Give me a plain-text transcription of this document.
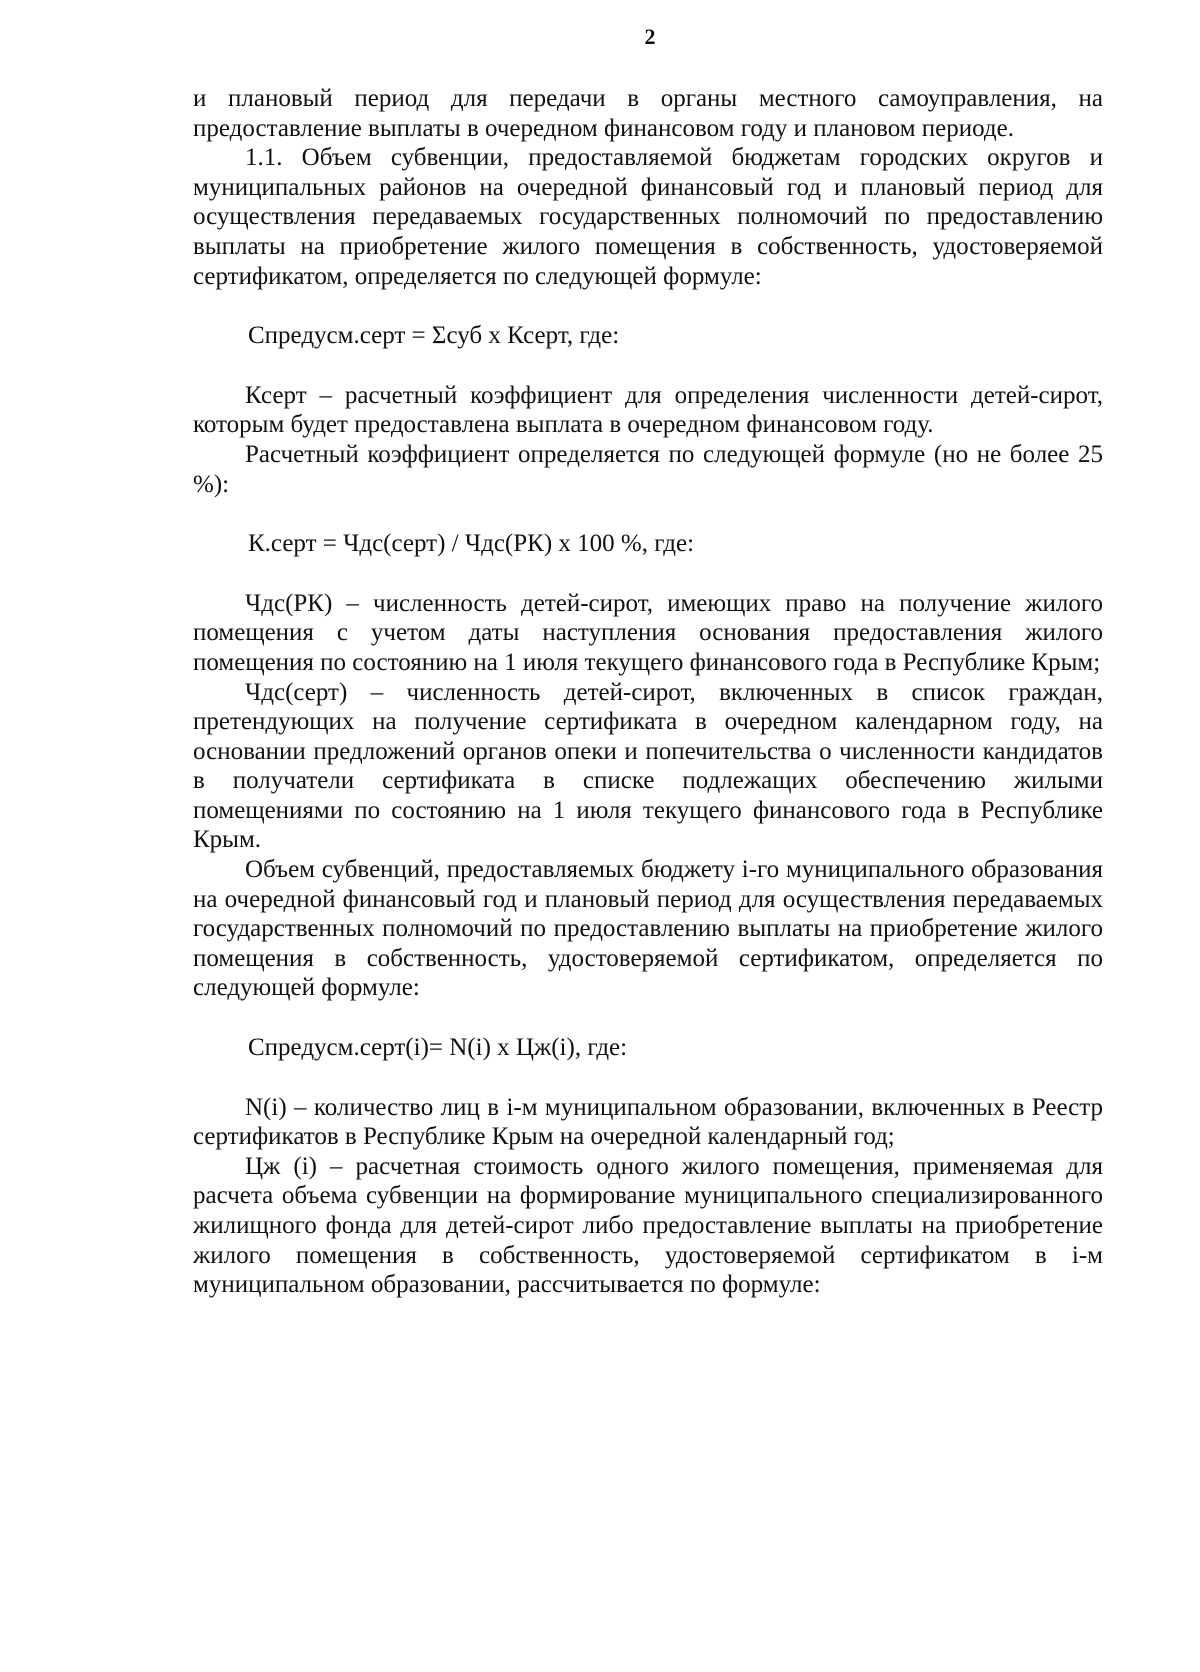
2

и плановый период для передачи в органы местного самоуправления, на предоставление выплаты в очередном финансовом году и плановом периоде.

1.1. Объем субвенции, предоставляемой бюджетам городских округов и муниципальных районов на очередной финансовый год и плановый период для осуществления передаваемых государственных полномочий по предоставлению выплаты на приобретение жилого помещения в собственность, удостоверяемой сертификатом, определяется по следующей формуле:

Спредусм.серт = Σсуб х Ксерт, где:

Ксерт – расчетный коэффициент для определения численности детей-сирот, которым будет предоставлена выплата в очередном финансовом году.

Расчетный коэффициент определяется по следующей формуле (но не более 25 %):

К.серт = Чдс(серт) / Чдс(РК) х 100 %, где:

Чдс(РК) – численность детей-сирот, имеющих право на получение жилого помещения с учетом даты наступления основания предоставления жилого помещения по состоянию на 1 июля текущего финансового года в Республике Крым;

Чдс(серт) – численность детей-сирот, включенных в список граждан, претендующих на получение сертификата в очередном календарном году, на основании предложений органов опеки и попечительства о численности кандидатов в получатели сертификата в списке подлежащих обеспечению жилыми помещениями по состоянию на 1 июля текущего финансового года в Республике Крым.

Объем субвенций, предоставляемых бюджету i-го муниципального образования на очередной финансовый год и плановый период для осуществления передаваемых государственных полномочий по предоставлению выплаты на приобретение жилого помещения в собственность, удостоверяемой сертификатом, определяется по следующей формуле:

Спредусм.серт(i)= N(i) х Цж(i), где:

N(i) – количество лиц в i-м муниципальном образовании, включенных в Реестр сертификатов в Республике Крым на очередной календарный год;

Цж (i) – расчетная стоимость одного жилого помещения, применяемая для расчета объема субвенции на формирование муниципального специализированного жилищного фонда для детей-сирот либо предоставление выплаты на приобретение жилого помещения в собственность, удостоверяемой сертификатом в i-м муниципальном образовании, рассчитывается по формуле:
